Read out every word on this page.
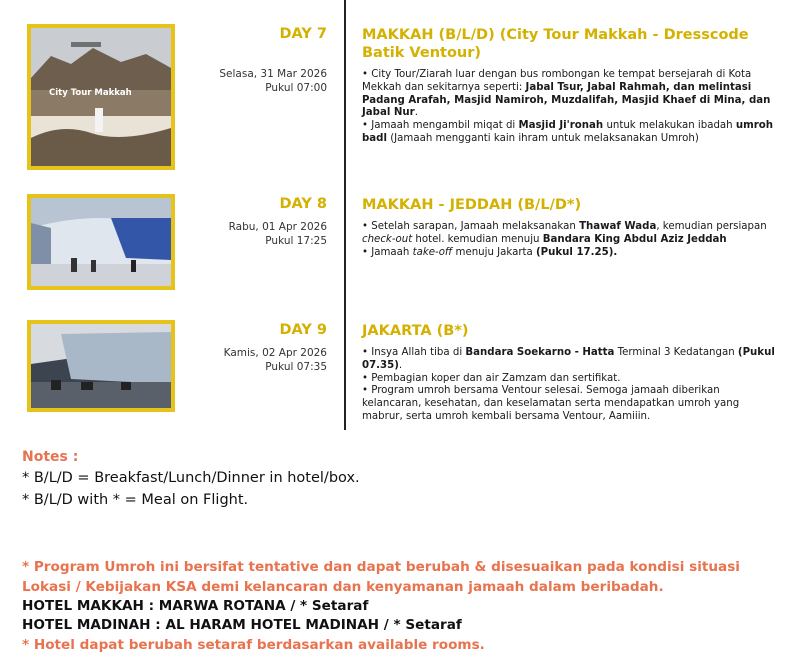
City Tour Makkah
DAY 7
Selasa, 31 Mar 2026
Pukul 07:00
MAKKAH (B/L/D) (City Tour Makkah - Dresscode Batik Ventour)

• City Tour/Ziarah luar dengan bus rombongan ke tempat bersejarah di Kota Mekkah dan sekitarnya seperti: Jabal Tsur, Jabal Rahmah, dan melintasi Padang Arafah, Masjid Namiroh, Muzdalifah, Masjid Khaef di Mina, dan Jabal Nur.

• Jamaah mengambil miqat di Masjid Ji'ronah untuk melakukan ibadah umroh badl (Jamaah mengganti kain ihram untuk melaksanakan Umroh)

DAY 8
Rabu, 01 Apr 2026
Pukul 17:25
MAKKAH - JEDDAH (B/L/D*)

• Setelah sarapan, Jamaah melaksanakan Thawaf Wada, kemudian persiapan check-out hotel. kemudian menuju Bandara King Abdul Aziz Jeddah

• Jamaah take-off menuju Jakarta (Pukul 17.25).

DAY 9
Kamis, 02 Apr 2026
Pukul 07:35
JAKARTA (B*)

• Insya Allah tiba di Bandara Soekarno - Hatta Terminal 3 Kedatangan (Pukul 07.35).

• Pembagian koper dan air Zamzam dan sertifikat.

• Program umroh bersama Ventour selesai. Semoga jamaah diberikan kelancaran, kesehatan, dan keselamatan serta mendapatkan umroh yang mabrur, serta umroh kembali bersama Ventour, Aamiiin.

Notes :
* B/L/D = Breakfast/Lunch/Dinner in hotel/box.
* B/L/D with * = Meal on Flight.
* Program Umroh ini bersifat tentative dan dapat berubah & disesuaikan pada kondisi situasi Lokasi / Kebijakan KSA demi kelancaran dan kenyamanan jamaah dalam beribadah.
HOTEL MAKKAH : MARWA ROTANA / * Setaraf
HOTEL MADINAH : AL HARAM HOTEL MADINAH / * Setaraf
* Hotel dapat berubah setaraf berdasarkan available rooms.
